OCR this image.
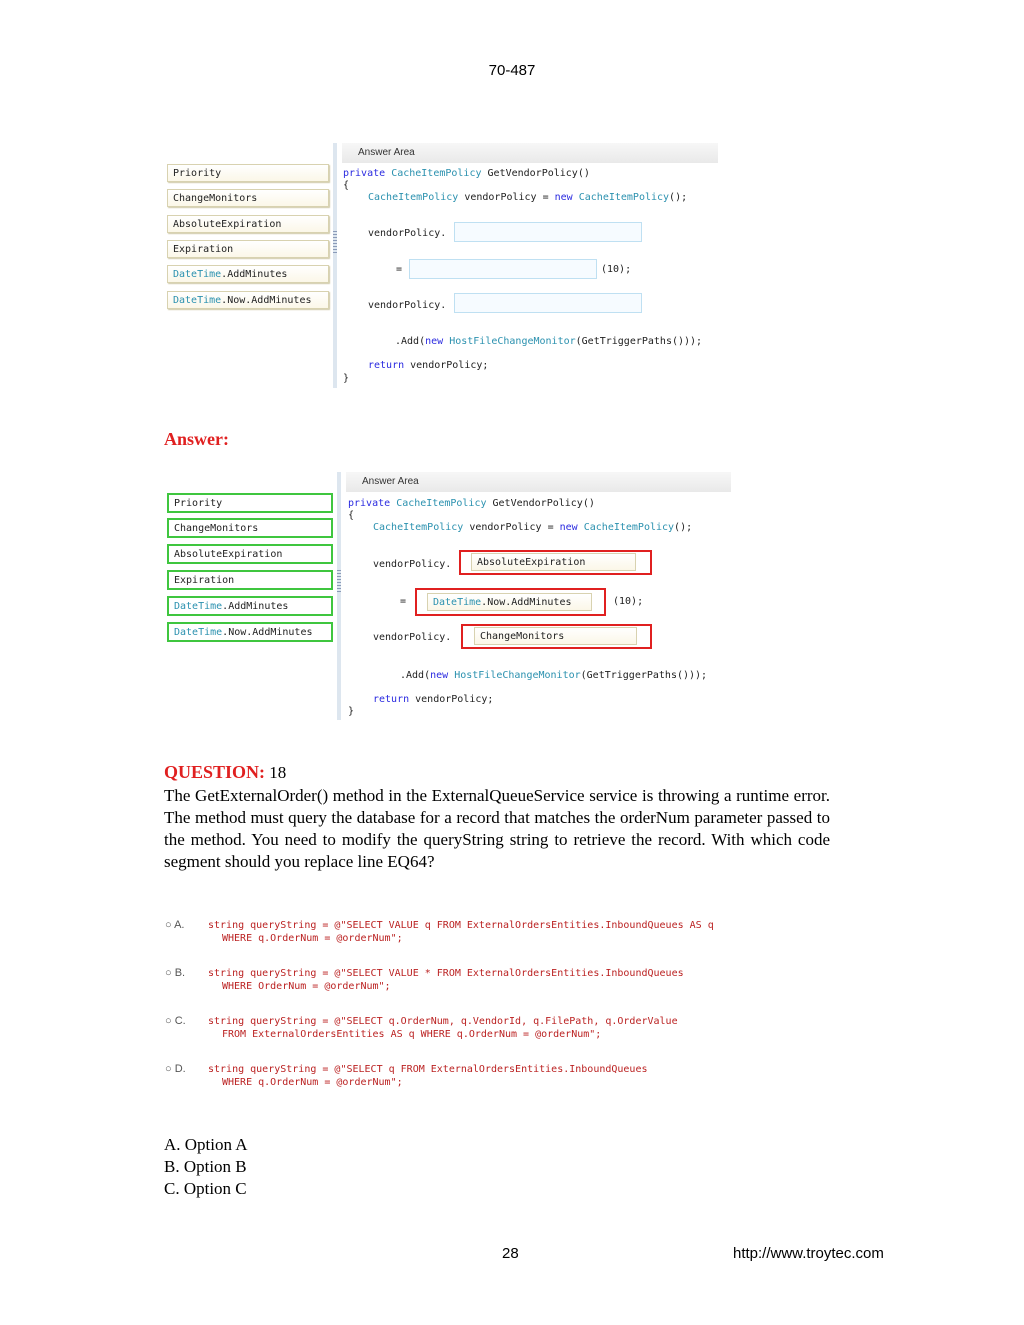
70-487
Priority
ChangeMonitors
AbsoluteExpiration
Expiration
DateTime.AddMinutes
DateTime.Now.AddMinutes
Answer Area
private CacheItemPolicy GetVendorPolicy()
{
CacheItemPolicy vendorPolicy = new CacheItemPolicy();
vendorPolicy.
=	(10);
vendorPolicy.
.Add(new HostFileChangeMonitor(GetTriggerPaths()));
return vendorPolicy;
}
Answer:
Priority
ChangeMonitors
AbsoluteExpiration
Expiration
DateTime.AddMinutes
DateTime.Now.AddMinutes
Answer Area
private CacheItemPolicy GetVendorPolicy()
{
CacheItemPolicy vendorPolicy = new CacheItemPolicy();
vendorPolicy.	AbsoluteExpiration
=	DateTime.Now.AddMinutes	(10);
vendorPolicy.	ChangeMonitors
.Add(new HostFileChangeMonitor(GetTriggerPaths()));
return vendorPolicy;
}
QUESTION: 18
The GetExternalOrder() method in the ExternalQueueService service is throwing a runtime error. The method must query the database for a record that matches the orderNum parameter passed to the method. You need to modify the queryString string to retrieve the record. With which code segment should you replace line EQ64?
○ A. string queryString = @"SELECT VALUE q FROM ExternalOrdersEntities.InboundQueues AS q
WHERE q.OrderNum = @orderNum";
○ B. string queryString = @"SELECT VALUE * FROM ExternalOrdersEntities.InboundQueues
WHERE OrderNum = @orderNum";
○ C. string queryString = @"SELECT q.OrderNum, q.VendorId, q.FilePath, q.OrderValue
FROM ExternalOrdersEntities AS q WHERE q.OrderNum = @orderNum";
○ D. string queryString = @"SELECT q FROM ExternalOrdersEntities.InboundQueues
WHERE q.OrderNum = @orderNum";
A. Option A
B. Option B
C. Option C
28	http://www.troytec.com
